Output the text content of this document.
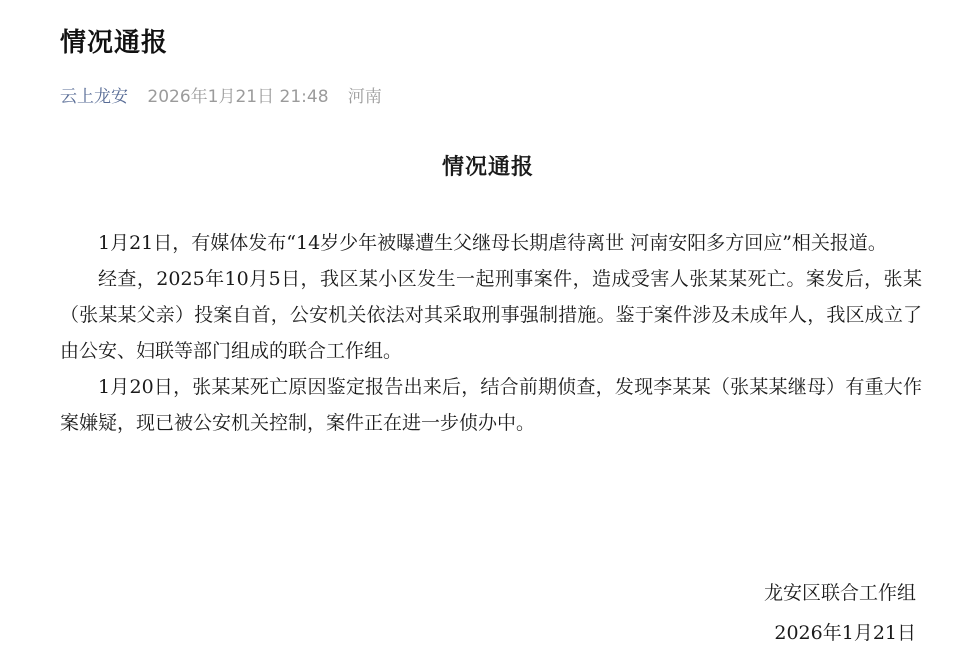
情况通报
云上龙安 2026年1月21日 21:48 河南
情况通报

1月21日，有媒体发布“14岁少年被曝遭生父继母长期虐待离世 河南安阳多方回应”相关报道。

经查，2025年10月5日，我区某小区发生一起刑事案件，造成受害人张某某死亡。案发后，张某（张某某父亲）投案自首，公安机关依法对其采取刑事强制措施。鉴于案件涉及未成年人，我区成立了由公安、妇联等部门组成的联合工作组。

1月20日，张某某死亡原因鉴定报告出来后，结合前期侦查，发现李某某（张某某继母）有重大作案嫌疑，现已被公安机关控制，案件正在进一步侦办中。

龙安区联合工作组
2026年1月21日
